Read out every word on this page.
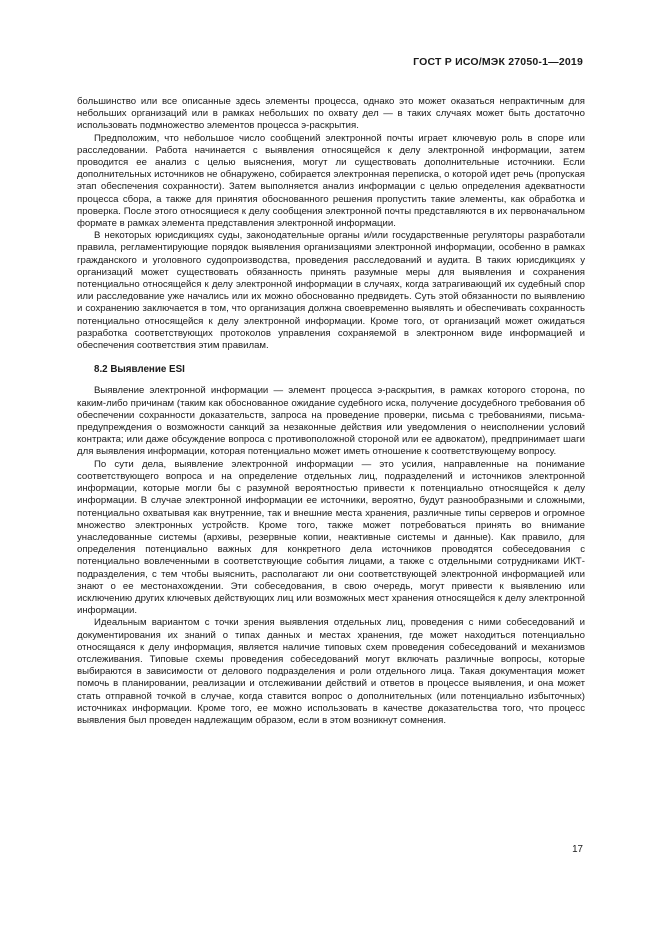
ГОСТ Р ИСО/МЭК 27050-1—2019

большинство или все описанные здесь элементы процесса, однако это может оказаться непрактичным для небольших организаций или в рамках небольших по охвату дел — в таких случаях может быть достаточно использовать подмножество элементов процесса э-раскрытия.

Предположим, что небольшое число сообщений электронной почты играет ключевую роль в споре или расследовании. Работа начинается с выявления относящейся к делу электронной информации, затем проводится ее анализ с целью выяснения, могут ли существовать дополнительные источники. Если дополнительных источников не обнаружено, собирается электронная переписка, о которой идет речь (пропуская этап обеспечения сохранности). Затем выполняется анализ информации с целью определения адекватности процесса сбора, а также для принятия обоснованного решения пропустить такие элементы, как обработка и проверка. После этого относящиеся к делу сообщения электронной почты представляются в их первоначальном формате в рамках элемента представления электронной информации.

В некоторых юрисдикциях суды, законодательные органы и/или государственные регуляторы разработали правила, регламентирующие порядок выявления организациями электронной информации, особенно в рамках гражданского и уголовного судопроизводства, проведения расследований и аудита. В таких юрисдикциях у организаций может существовать обязанность принять разумные меры для выявления и сохранения потенциально относящейся к делу электронной информации в случаях, когда затрагивающий их судебный спор или расследование уже начались или их можно обоснованно предвидеть. Суть этой обязанности по выявлению и сохранению заключается в том, что организация должна своевременно выявлять и обеспечивать сохранность потенциально относящейся к делу электронной информации. Кроме того, от организаций может ожидаться разработка соответствующих протоколов управления сохраняемой в электронном виде информацией и обеспечения соответствия этим правилам.

8.2 Выявление ESI

Выявление электронной информации — элемент процесса э-раскрытия, в рамках которого сторона, по каким-либо причинам (таким как обоснованное ожидание судебного иска, получение досудебного требования об обеспечении сохранности доказательств, запроса на проведение проверки, письма с требованиями, письма-предупреждения о возможности санкций за незаконные действия или уведомления о неисполнении условий контракта; или даже обсуждение вопроса с противоположной стороной или ее адвокатом), предпринимает шаги для выявления информации, которая потенциально может иметь отношение к соответствующему вопросу.

По сути дела, выявление электронной информации — это усилия, направленные на понимание соответствующего вопроса и на определение отдельных лиц, подразделений и источников электронной информации, которые могли бы с разумной вероятностью привести к потенциально относящейся к делу информации. В случае электронной информации ее источники, вероятно, будут разнообразными и сложными, потенциально охватывая как внутренние, так и внешние места хранения, различные типы серверов и огромное множество электронных устройств. Кроме того, также может потребоваться принять во внимание унаследованные системы (архивы, резервные копии, неактивные системы и данные). Как правило, для определения потенциально важных для конкретного дела источников проводятся собеседования с потенциально вовлеченными в соответствующие события лицами, а также с отдельными сотрудниками ИКТ-подразделения, с тем чтобы выяснить, располагают ли они соответствующей электронной информацией или знают о ее местонахождении. Эти собеседования, в свою очередь, могут привести к выявлению или исключению других ключевых действующих лиц или возможных мест хранения относящейся к делу электронной информации.

Идеальным вариантом с точки зрения выявления отдельных лиц, проведения с ними собеседований и документирования их знаний о типах данных и местах хранения, где может находиться потенциально относящаяся к делу информация, является наличие типовых схем проведения собеседований и механизмов отслеживания. Типовые схемы проведения собеседований могут включать различные вопросы, которые выбираются в зависимости от делового подразделения и роли отдельного лица. Такая документация может помочь в планировании, реализации и отслеживании действий и ответов в процессе выявления, и она может стать отправной точкой в случае, когда ставится вопрос о дополнительных (или потенциально избыточных) источниках информации. Кроме того, ее можно использовать в качестве доказательства того, что процесс выявления был проведен надлежащим образом, если в этом возникнут сомнения.

17
